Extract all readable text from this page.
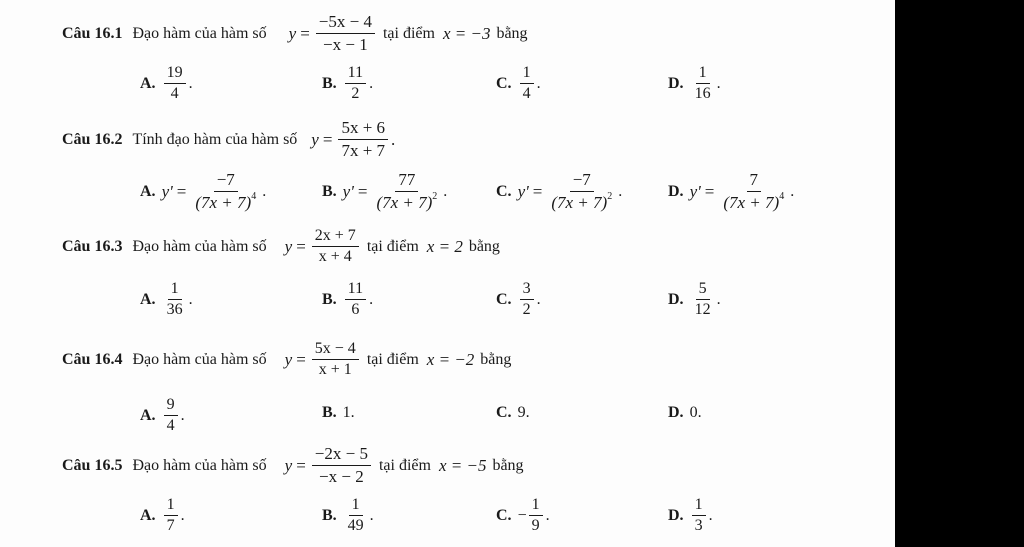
Câu 16.1 Đạo hàm của hàm số $y = \frac{-5x - 4}{-x - 1}$ tại điểm x = −3 bằng
A. $\frac{19}{4}$ .	B. $\frac{11}{2}$ .	C. $\frac{1}{4}$ .	D. $\frac{1}{16}$ .
Câu 16.2 Tính đạo hàm của hàm số $y = \frac{5x + 6}{7x + 7}$ .
A. $y' = \frac{-7}{(7x + 7)^4}$ .	B. $y' = \frac{77}{(7x + 7)^2}$ .	C. $y' = \frac{-7}{(7x + 7)^2}$ .	D. $y' = \frac{7}{(7x + 7)^4}$ .
Câu 16.3 Đạo hàm của hàm số $y = \frac{2x + 7}{x + 4}$ tại điểm x = 2 bằng
A. $\frac{1}{36}$ .	B. $\frac{11}{6}$ .	C. $\frac{3}{2}$ .	D. $\frac{5}{12}$ .
Câu 16.4 Đạo hàm của hàm số $y = \frac{5x - 4}{x + 1}$ tại điểm x = −2 bằng
A. $\frac{9}{4}$ .	B. 1.	C. 9.	D. 0.
Câu 16.5 Đạo hàm của hàm số $y = \frac{-2x - 5}{-x - 2}$ tại điểm x = −5 bằng
A. $\frac{1}{7}$ .	B. $\frac{1}{49}$ .	C. − $\frac{1}{9}$ .	D. $\frac{1}{3}$ .
